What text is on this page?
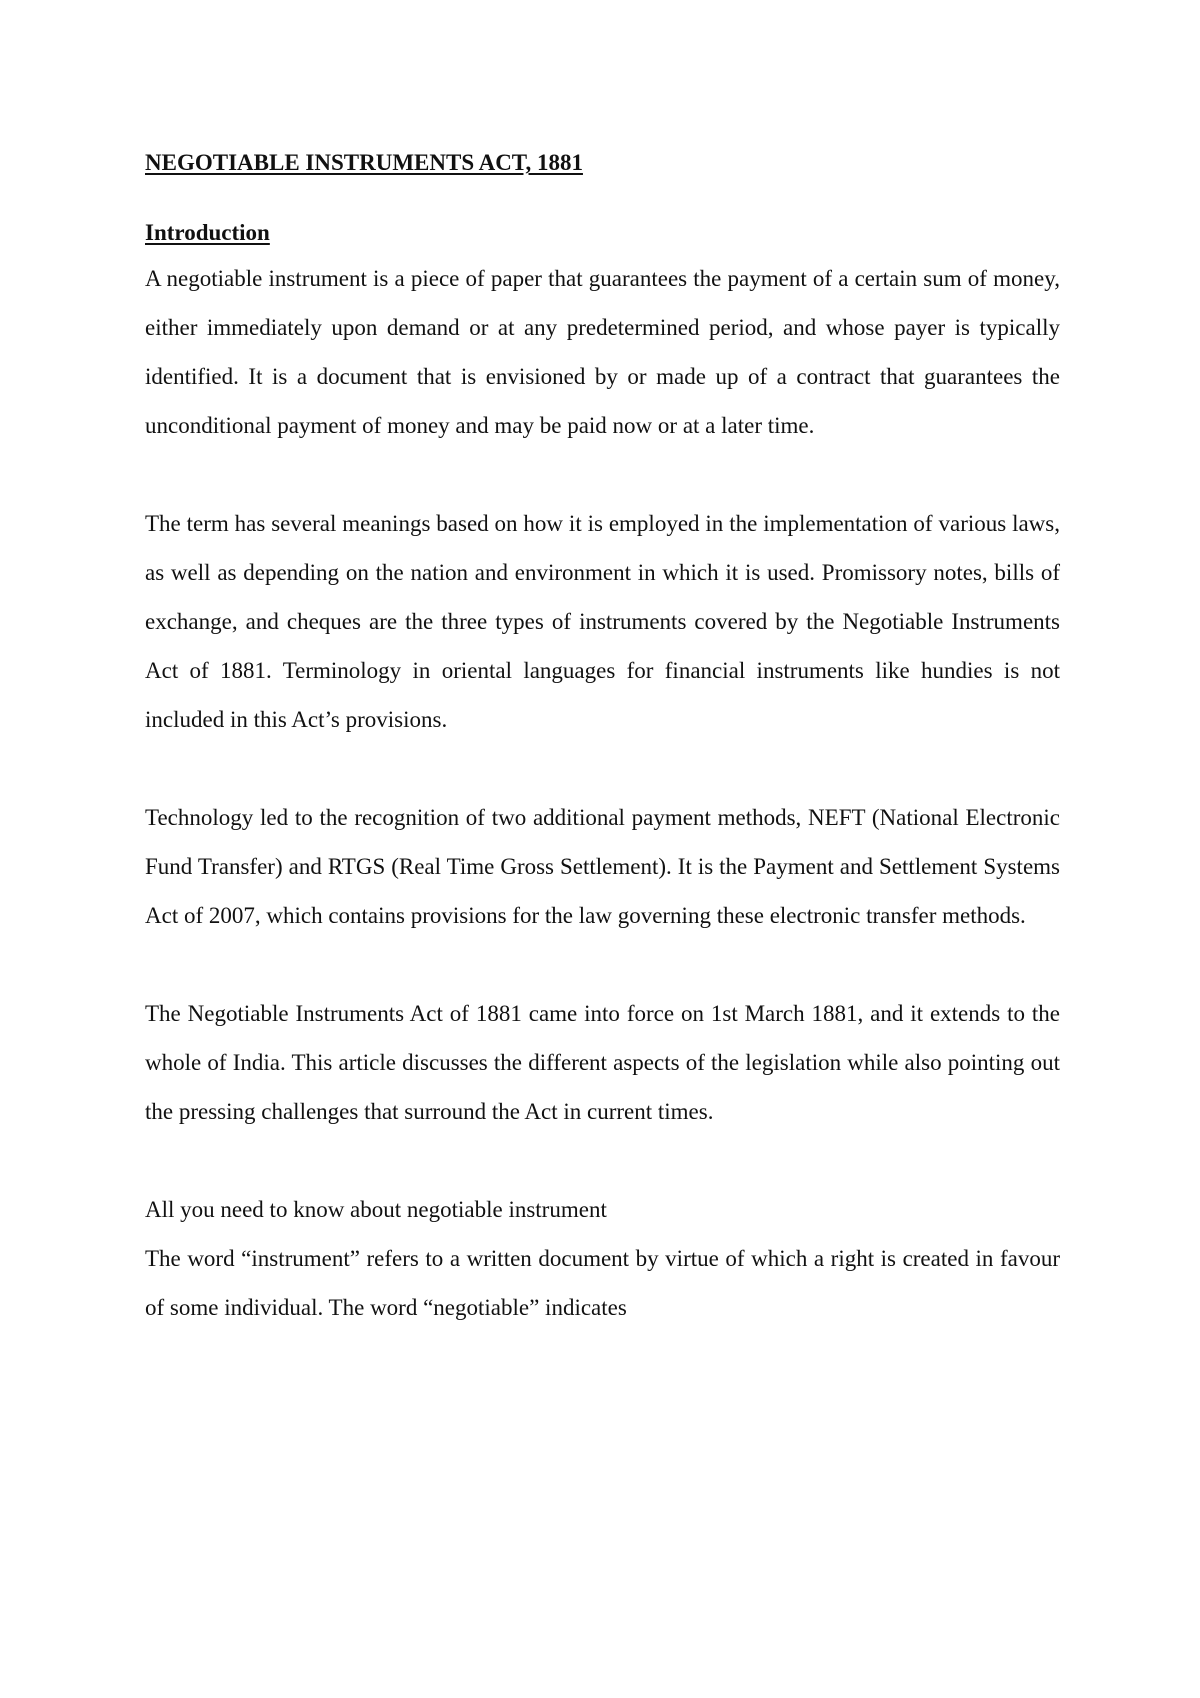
NEGOTIABLE INSTRUMENTS ACT, 1881
Introduction

A negotiable instrument is a piece of paper that guarantees the payment of a certain sum of money, either immediately upon demand or at any predetermined period, and whose payer is typically identified. It is a document that is envisioned by or made up of a contract that guarantees the unconditional payment of money and may be paid now or at a later time.

The term has several meanings based on how it is employed in the implementation of various laws, as well as depending on the nation and environment in which it is used. Promissory notes, bills of exchange, and cheques are the three types of instruments covered by the Negotiable Instruments Act of 1881. Terminology in oriental languages for financial instruments like hundies is not included in this Act’s provisions.

Technology led to the recognition of two additional payment methods, NEFT (National Electronic Fund Transfer) and RTGS (Real Time Gross Settlement). It is the Payment and Settlement Systems Act of 2007, which contains provisions for the law governing these electronic transfer methods.

The Negotiable Instruments Act of 1881 came into force on 1st March 1881, and it extends to the whole of India. This article discusses the different aspects of the legislation while also pointing out the pressing challenges that surround the Act in current times.

All you need to know about negotiable instrument

The word “instrument” refers to a written document by virtue of which a right is created in favour of some individual. The word “negotiable” indicates
